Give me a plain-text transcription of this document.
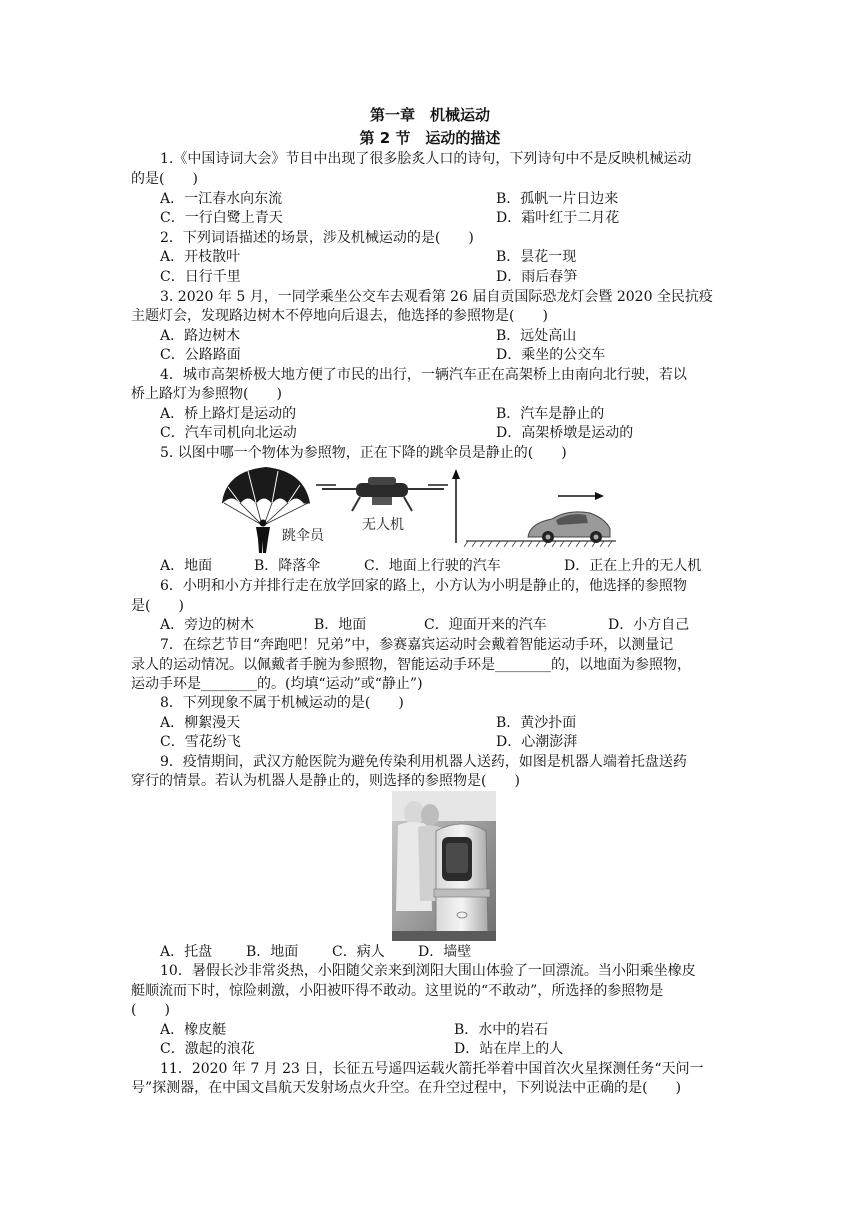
第一章　机械运动
第 2 节　运动的描述
1.《中国诗词大会》节目中出现了很多脍炙人口的诗句，下列诗句中不是反映机械运动
的是(　　)
A．一江春水向东流	B．孤帆一片日边来
C．一行白鹭上青天	D．霜叶红于二月花
2．下列词语描述的场景，涉及机械运动的是(　　)
A．开枝散叶	B．昙花一现
C．日行千里	D．雨后春笋
3. 2020 年 5 月，一同学乘坐公交车去观看第 26 届自贡国际恐龙灯会暨 2020 全民抗疫
主题灯会，发现路边树木不停地向后退去，他选择的参照物是(　　)
A．路边树木	B．远处高山
C．公路路面	D．乘坐的公交车
4．城市高架桥极大地方便了市民的出行，一辆汽车正在高架桥上由南向北行驶，若以
桥上路灯为参照物(　　)
A．桥上路灯是运动的	B．汽车是静止的
C．汽车司机向北运动	D．高架桥墩是运动的
5. 以图中哪一个物体为参照物，正在下降的跳伞员是静止的(　　)
跳伞员
无人机
A．地面	B．降落伞	C．地面上行驶的汽车	D．正在上升的无人机
6．小明和小方并排行走在放学回家的路上，小方认为小明是静止的，他选择的参照物
是(　　)
A．旁边的树木	B．地面	C．迎面开来的汽车	D．小方自己
7．在综艺节目“奔跑吧！兄弟”中，参赛嘉宾运动时会戴着智能运动手环，以测量记
录人的运动情况。以佩戴者手腕为参照物，智能运动手环是________的，以地面为参照物，
运动手环是________的。(均填“运动”或“静止”)
8．下列现象不属于机械运动的是(　　)
A．柳絮漫天	B．黄沙扑面
C．雪花纷飞	D．心潮澎湃
9．疫情期间，武汉方舱医院为避免传染利用机器人送药，如图是机器人端着托盘送药
穿行的情景。若认为机器人是静止的，则选择的参照物是(　　)
A．托盘 B．地面 C．病人 D．墙壁
10．暑假长沙非常炎热，小阳随父亲来到浏阳大围山体验了一回漂流。当小阳乘坐橡皮
艇顺流而下时，惊险刺激，小阳被吓得不敢动。这里说的“不敢动”，所选择的参照物是
(　　)
A．橡皮艇	B．水中的岩石
C．激起的浪花	D．站在岸上的人
11．2020 年 7 月 23 日，长征五号遥四运载火箭托举着中国首次火星探测任务“天问一
号”探测器，在中国文昌航天发射场点火升空。在升空过程中，下列说法中正确的是(　　)
